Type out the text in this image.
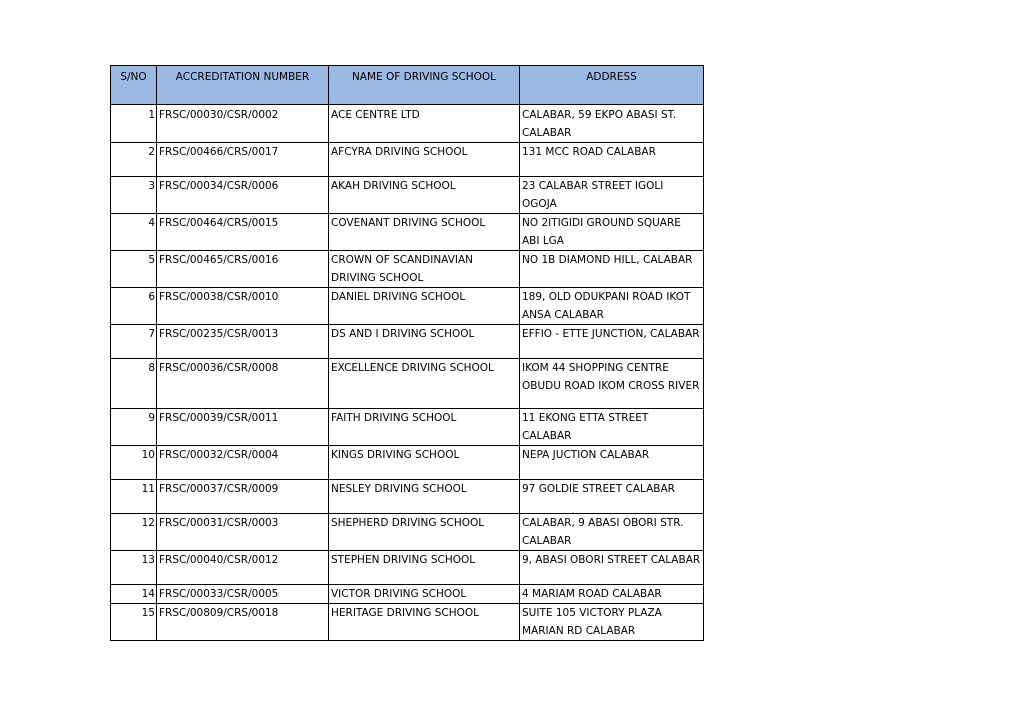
S/NO	ACCREDITATION NUMBER	NAME OF DRIVING SCHOOL	ADDRESS
1	FRSC/00030/CSR/0002	ACE CENTRE LTD	CALABAR, 59 EKPO ABASI ST. CALABAR
2	FRSC/00466/CRS/0017	AFCYRA DRIVING SCHOOL	131 MCC ROAD CALABAR
3	FRSC/00034/CSR/0006	AKAH DRIVING SCHOOL	23 CALABAR STREET IGOLI OGOJA
4	FRSC/00464/CRS/0015	COVENANT DRIVING SCHOOL	NO 2ITIGIDI GROUND SQUARE ABI LGA
5	FRSC/00465/CRS/0016	CROWN OF SCANDINAVIAN DRIVING SCHOOL	NO 1B DIAMOND HILL, CALABAR
6	FRSC/00038/CSR/0010	DANIEL DRIVING SCHOOL	189, OLD ODUKPANI ROAD IKOT ANSA CALABAR
7	FRSC/00235/CSR/0013	DS AND I DRIVING SCHOOL	EFFIO - ETTE JUNCTION, CALABAR
8	FRSC/00036/CSR/0008	EXCELLENCE DRIVING SCHOOL	IKOM 44 SHOPPING CENTRE OBUDU ROAD IKOM CROSS RIVER
9	FRSC/00039/CSR/0011	FAITH DRIVING SCHOOL	11 EKONG ETTA STREET CALABAR
10	FRSC/00032/CSR/0004	KINGS DRIVING SCHOOL	NEPA JUCTION CALABAR
11	FRSC/00037/CSR/0009	NESLEY DRIVING SCHOOL	97 GOLDIE STREET CALABAR
12	FRSC/00031/CSR/0003	SHEPHERD DRIVING SCHOOL	CALABAR, 9 ABASI OBORI STR. CALABAR
13	FRSC/00040/CSR/0012	STEPHEN DRIVING SCHOOL	9, ABASI OBORI STREET CALABAR
14	FRSC/00033/CSR/0005	VICTOR DRIVING SCHOOL	4 MARIAM ROAD CALABAR
15	FRSC/00809/CRS/0018	HERITAGE DRIVING SCHOOL	SUITE 105 VICTORY PLAZA MARIAN RD CALABAR
